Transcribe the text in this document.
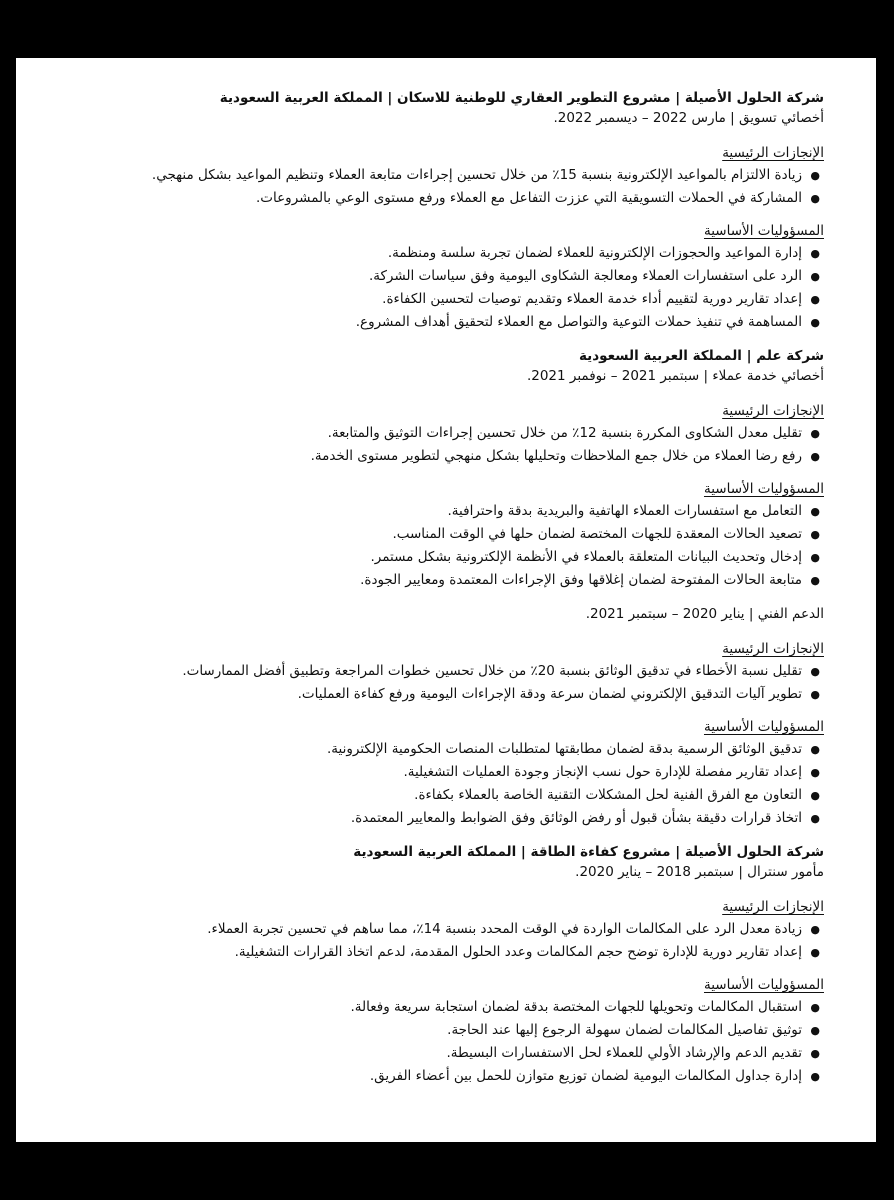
شركة الحلول الأصيلة | مشروع التطوير العقاري للوطنية للاسكان | المملكة العربية السعودية

أخصائي تسويق | مارس 2022 – ديسمبر 2022.

الإنجازات الرئيسية

●
زيادة الالتزام بالمواعيد الإلكترونية بنسبة 15٪ من خلال تحسين إجراءات متابعة العملاء وتنظيم المواعيد بشكل منهجي.
●
المشاركة في الحملات التسويقية التي عززت التفاعل مع العملاء ورفع مستوى الوعي بالمشروعات.

المسؤوليات الأساسية

●
إدارة المواعيد والحجوزات الإلكترونية للعملاء لضمان تجربة سلسة ومنظمة.
●
الرد على استفسارات العملاء ومعالجة الشكاوى اليومية وفق سياسات الشركة.
●
إعداد تقارير دورية لتقييم أداء خدمة العملاء وتقديم توصيات لتحسين الكفاءة.
●
المساهمة في تنفيذ حملات التوعية والتواصل مع العملاء لتحقيق أهداف المشروع.

شركة علم | المملكة العربية السعودية

أخصائي خدمة عملاء | سبتمبر 2021 – نوفمبر 2021.

الإنجازات الرئيسية

●
تقليل معدل الشكاوى المكررة بنسبة 12٪ من خلال تحسين إجراءات التوثيق والمتابعة.
●
رفع رضا العملاء من خلال جمع الملاحظات وتحليلها بشكل منهجي لتطوير مستوى الخدمة.

المسؤوليات الأساسية

●
التعامل مع استفسارات العملاء الهاتفية والبريدية بدقة واحترافية.
●
تصعيد الحالات المعقدة للجهات المختصة لضمان حلها في الوقت المناسب.
●
إدخال وتحديث البيانات المتعلقة بالعملاء في الأنظمة الإلكترونية بشكل مستمر.
●
متابعة الحالات المفتوحة لضمان إغلاقها وفق الإجراءات المعتمدة ومعايير الجودة.

الدعم الفني | يناير 2020 – سبتمبر 2021.

الإنجازات الرئيسية

●
تقليل نسبة الأخطاء في تدقيق الوثائق بنسبة 20٪ من خلال تحسين خطوات المراجعة وتطبيق أفضل الممارسات.
●
تطوير آليات التدقيق الإلكتروني لضمان سرعة ودقة الإجراءات اليومية ورفع كفاءة العمليات.

المسؤوليات الأساسية

●
تدقيق الوثائق الرسمية بدقة لضمان مطابقتها لمتطلبات المنصات الحكومية الإلكترونية.
●
إعداد تقارير مفصلة للإدارة حول نسب الإنجاز وجودة العمليات التشغيلية.
●
التعاون مع الفرق الفنية لحل المشكلات التقنية الخاصة بالعملاء بكفاءة.
●
اتخاذ قرارات دقيقة بشأن قبول أو رفض الوثائق وفق الضوابط والمعايير المعتمدة.

شركة الحلول الأصيلة | مشروع كفاءة الطاقة | المملكة العربية السعودية

مأمور سنترال | سبتمبر 2018 – يناير 2020.

الإنجازات الرئيسية

●
زيادة معدل الرد على المكالمات الواردة في الوقت المحدد بنسبة 14٪، مما ساهم في تحسين تجربة العملاء.
●
إعداد تقارير دورية للإدارة توضح حجم المكالمات وعدد الحلول المقدمة، لدعم اتخاذ القرارات التشغيلية.

المسؤوليات الأساسية

●
استقبال المكالمات وتحويلها للجهات المختصة بدقة لضمان استجابة سريعة وفعالة.
●
توثيق تفاصيل المكالمات لضمان سهولة الرجوع إليها عند الحاجة.
●
تقديم الدعم والإرشاد الأولي للعملاء لحل الاستفسارات البسيطة.
●
إدارة جداول المكالمات اليومية لضمان توزيع متوازن للحمل بين أعضاء الفريق.
